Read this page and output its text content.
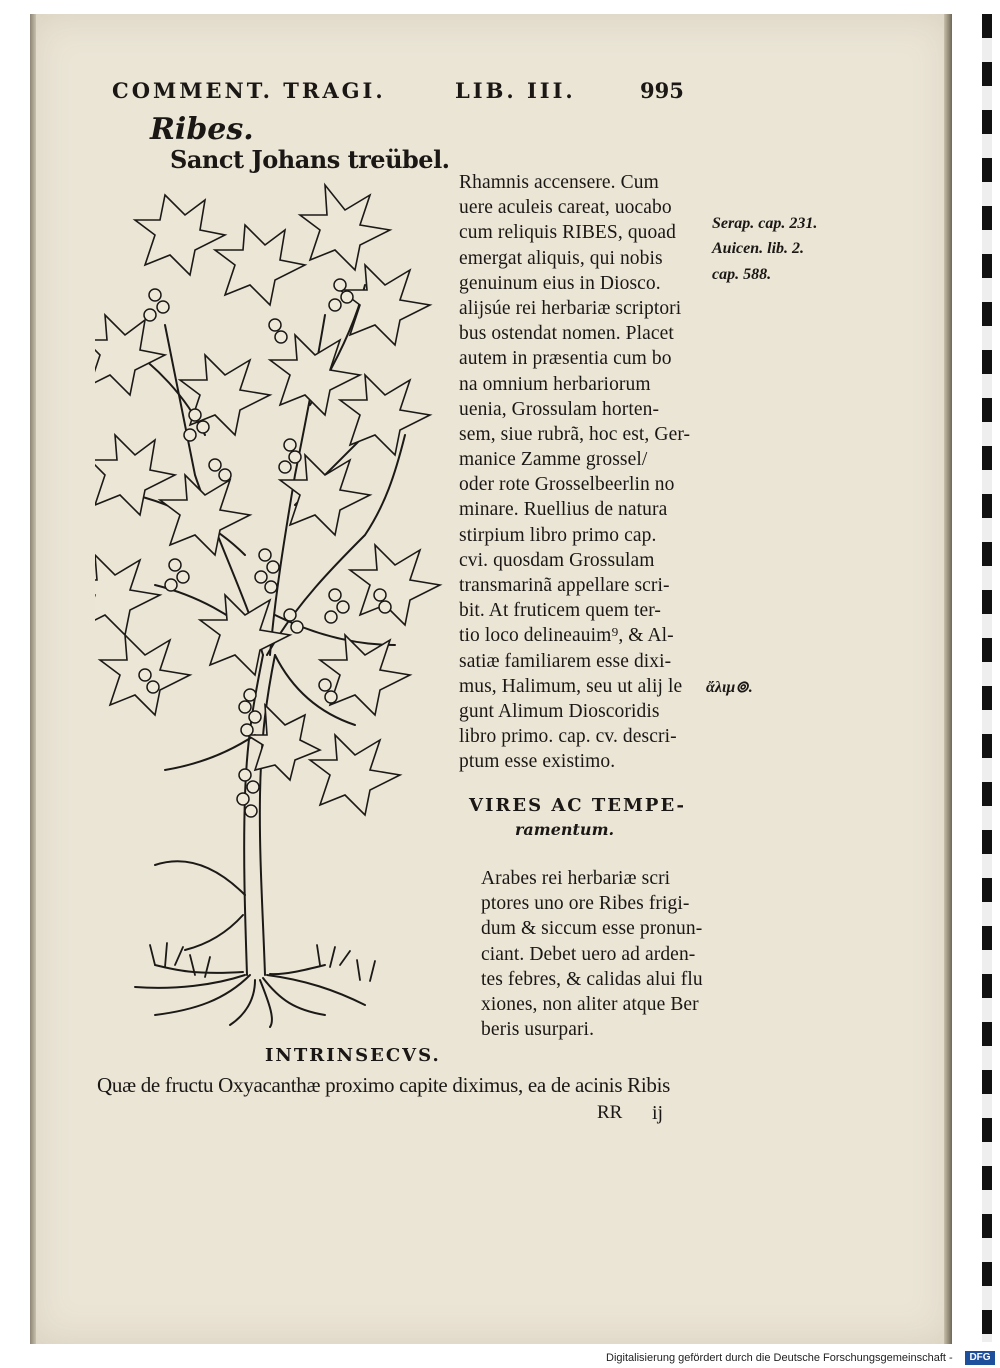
COMMENT. TRAGI.	LIB. III.	995
Ribes.
Sanct Johans treübel.
Rhamnis accensere. Cum
uere aculeis careat, uocabo
cum reliquis RIBES, quoad
emergat aliquis, qui nobis
genuinum eius in Diosco.
alijsúe rei herbariæ scriptori
bus ostendat nomen. Placet
autem in præsentia cum bo
na omnium herbariorum
uenia, Grossulam horten-
sem, siue rubrã, hoc est, Ger-
manice Zamme grossel/
oder rote Grosselbeerlin no
minare. Ruellius de natura
stirpium libro primo cap.
cvi. quosdam Grossulam
transmarinã appellare scri-
bit. At fruticem quem ter-
tio loco delineauim⁹, & Al-
satiæ familiarem esse dixi-
mus, Halimum, seu ut alij le
gunt Alimum Dioscoridis
libro primo. cap. cv. descri-
ptum esse existimo.
Serap. cap. 231.
Auicen. lib. 2.
cap. 588.
ἄλιμ⊚.
VIRES AC TEMPE-
ramentum.
Arabes rei herbariæ scri
ptores uno ore Ribes frigi-
dum & siccum esse pronun-
ciant. Debet uero ad arden-
tes febres, & calidas alui flu
xiones, non aliter atque Ber
beris usurpari.
INTRINSECVS.
Quæ de fructu Oxyacanthæ proximo capite diximus, ea de acinis Ribis
RR ij
Digitalisierung gefördert durch die Deutsche Forschungsgemeinschaft -	DFG
